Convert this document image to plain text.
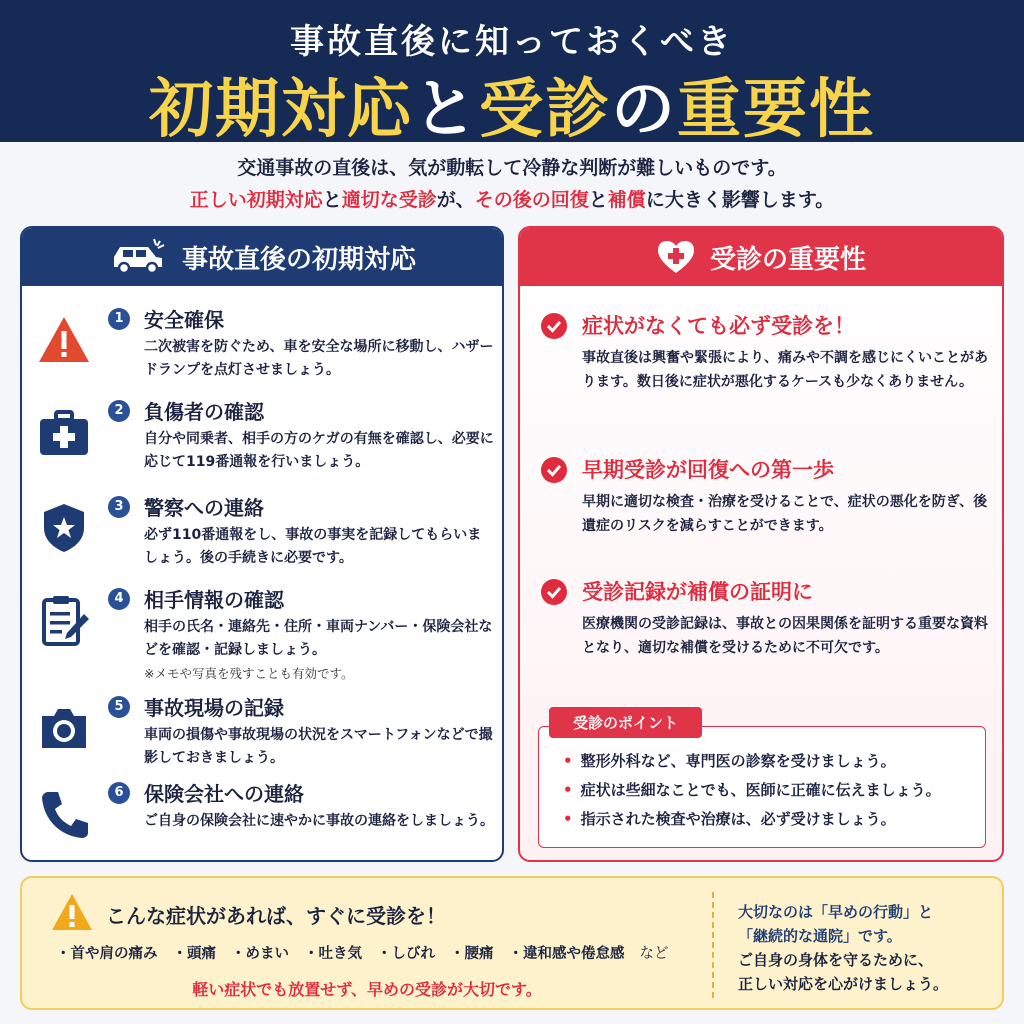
事故直後に知っておくべき
初期対応と受診の重要性
交通事故の直後は、気が動転して冷静な判断が難しいものです。
正しい初期対応と適切な受診が、その後の回復と補償に大きく影響します。
事故直後の初期対応
1	安全確保
二次被害を防ぐため、車を安全な場所に移動し、ハザードランプを点灯させましょう。
2	負傷者の確認
自分や同乗者、相手の方のケガの有無を確認し、必要に応じて119番通報を行いましょう。
3	警察への連絡
必ず110番通報をし、事故の事実を記録してもらいましょう。後の手続きに必要です。
4	相手情報の確認
相手の氏名・連絡先・住所・車両ナンバー・保険会社などを確認・記録しましょう。
※メモや写真を残すことも有効です。
5	事故現場の記録
車両の損傷や事故現場の状況をスマートフォンなどで撮影しておきましょう。
6	保険会社への連絡
ご自身の保険会社に速やかに事故の連絡をしましょう。
受診の重要性
症状がなくても必ず受診を！
事故直後は興奮や緊張により、痛みや不調を感じにくいことがあります。数日後に症状が悪化するケースも少なくありません。
早期受診が回復への第一歩
早期に適切な検査・治療を受けることで、症状の悪化を防ぎ、後遺症のリスクを減らすことができます。
受診記録が補償の証明に
医療機関の受診記録は、事故との因果関係を証明する重要な資料となり、適切な補償を受けるために不可欠です。
受診のポイント
• 整形外科など、専門医の診察を受けましょう。
• 症状は些細なことでも、医師に正確に伝えましょう。
• 指示された検査や治療は、必ず受けましょう。
こんな症状があれば、すぐに受診を！
・ 首や肩の痛み ・ 頭痛 ・ めまい ・ 吐き気 ・ しびれ ・ 腰痛 ・ 違和感や倦怠感 など
軽い症状でも放置せず、早めの受診が大切です。
大切なのは「早めの行動」と
「継続的な通院」です。
ご自身の身体を守るために、
正しい対応を心がけましょう。
